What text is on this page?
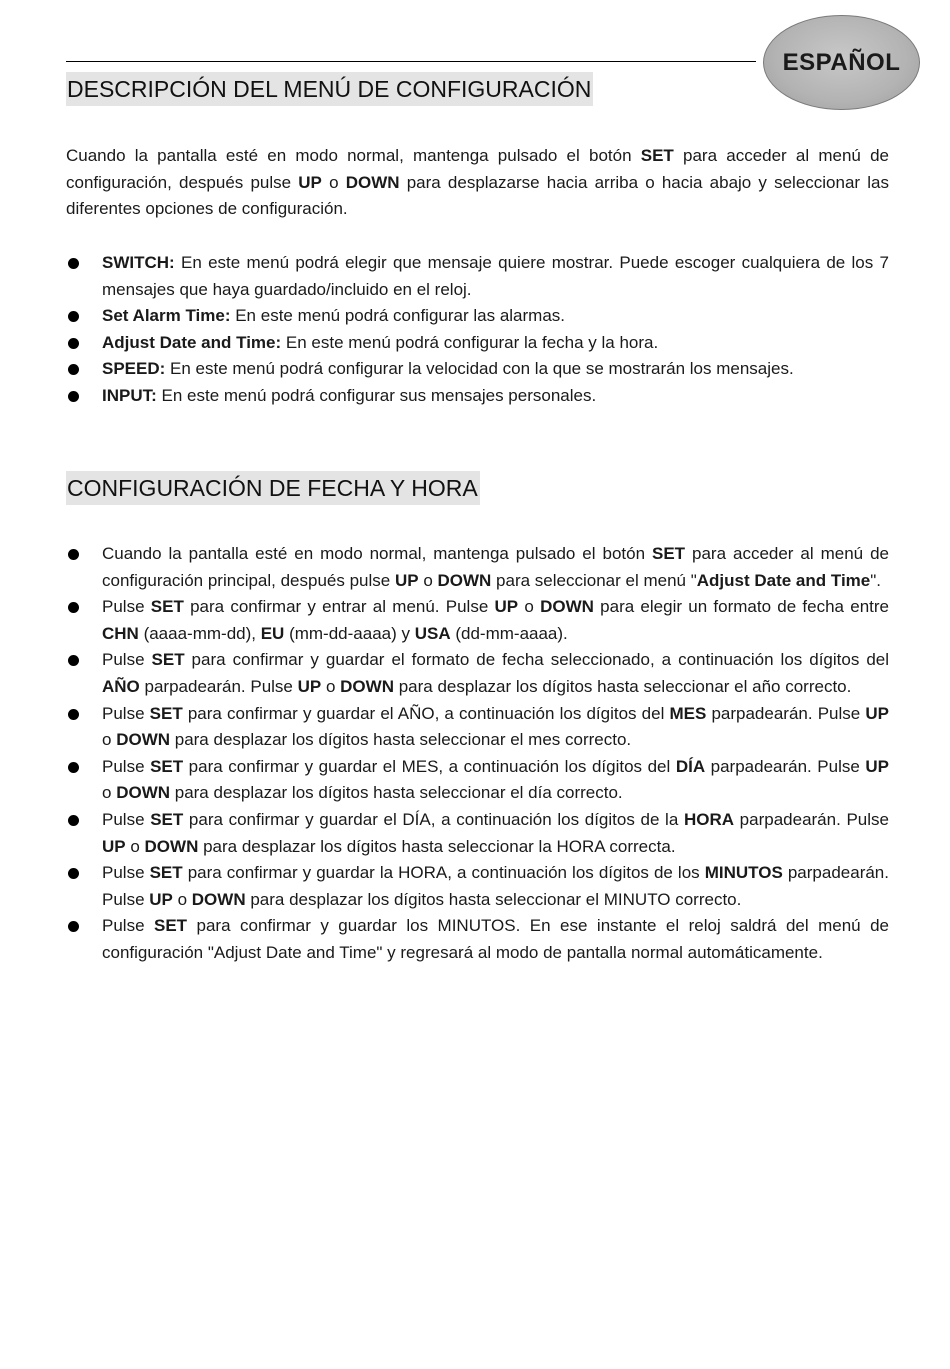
ESPAÑOL
DESCRIPCIÓN DEL MENÚ DE CONFIGURACIÓN

Cuando la pantalla esté en modo normal, mantenga pulsado el botón SET para acceder al menú de configuración, después pulse UP o DOWN para desplazarse hacia arriba o hacia abajo y seleccionar las diferentes opciones de configuración.

SWITCH: En este menú podrá elegir que mensaje quiere mostrar. Puede escoger cualquiera de los 7 mensajes que haya guardado/incluido en el reloj.
Set Alarm Time: En este menú podrá configurar las alarmas.
Adjust Date and Time: En este menú podrá configurar la fecha y la hora.
SPEED: En este menú podrá configurar la velocidad con la que se mostrarán los mensajes.
INPUT: En este menú podrá configurar sus mensajes personales.
CONFIGURACIÓN DE FECHA Y HORA
Cuando la pantalla esté en modo normal, mantenga pulsado el botón SET para acceder al menú de configuración principal, después pulse UP o DOWN para seleccionar el menú "Adjust Date and Time".
Pulse SET para confirmar y entrar al menú. Pulse UP o DOWN para elegir un formato de fecha entre CHN (aaaa-mm-dd), EU (mm-dd-aaaa) y USA (dd-mm-aaaa).
Pulse SET para confirmar y guardar el formato de fecha seleccionado, a continuación los dígitos del AÑO parpadearán. Pulse UP o DOWN para desplazar los dígitos hasta seleccionar el año correcto.
Pulse SET para confirmar y guardar el AÑO, a continuación los dígitos del MES parpadearán. Pulse UP o DOWN para desplazar los dígitos hasta seleccionar el mes correcto.
Pulse SET para confirmar y guardar el MES, a continuación los dígitos del DÍA parpadearán. Pulse UP o DOWN para desplazar los dígitos hasta seleccionar el día correcto.
Pulse SET para confirmar y guardar el DÍA, a continuación los dígitos de la HORA parpadearán. Pulse UP o DOWN para desplazar los dígitos hasta seleccionar la HORA correcta.
Pulse SET para confirmar y guardar la HORA, a continuación los dígitos de los MINUTOS parpadearán. Pulse UP o DOWN para desplazar los dígitos hasta seleccionar el MINUTO correcto.
Pulse SET para confirmar y guardar los MINUTOS. En ese instante el reloj saldrá del menú de configuración "Adjust Date and Time" y regresará al modo de pantalla normal automáticamente.
